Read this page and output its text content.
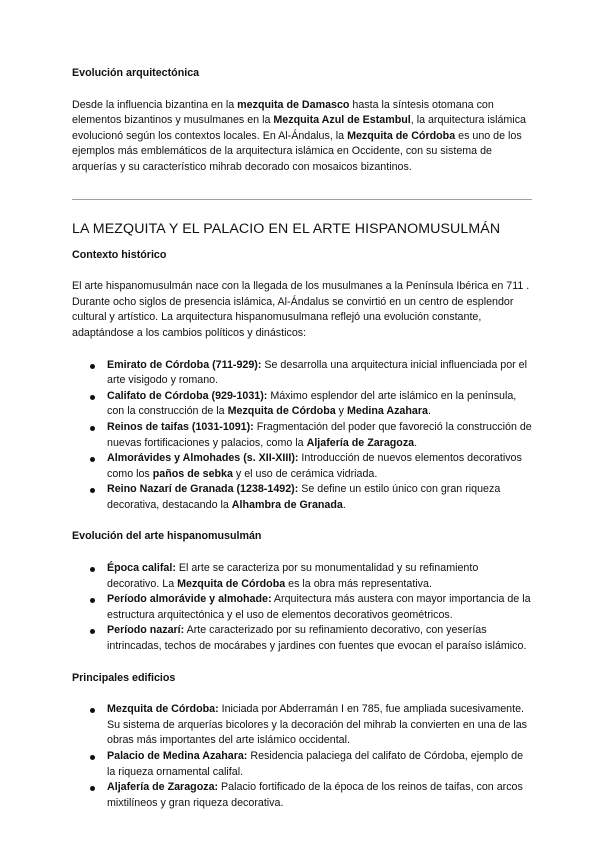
Evolución arquitectónica

Desde la influencia bizantina en la mezquita de Damasco hasta la síntesis otomana con elementos bizantinos y musulmanes en la Mezquita Azul de Estambul, la arquitectura islámica evolucionó según los contextos locales. En Al-Ándalus, la Mezquita de Córdoba es uno de los ejemplos más emblemáticos de la arquitectura islámica en Occidente, con su sistema de arquerías y su característico mihrab decorado con mosaicos bizantinos.

LA MEZQUITA Y EL PALACIO EN EL ARTE HISPANOMUSULMÁN
Contexto histórico

El arte hispanomusulmán nace con la llegada de los musulmanes a la Península Ibérica en 711 . Durante ocho siglos de presencia islámica, Al-Ándalus se convirtió en un centro de esplendor cultural y artístico. La arquitectura hispanomusulmana reflejó una evolución constante, adaptándose a los cambios políticos y dinásticos:

Emirato de Córdoba (711-929): Se desarrolla una arquitectura inicial influenciada por el arte visigodo y romano.
Califato de Córdoba (929-1031): Máximo esplendor del arte islámico en la península, con la construcción de la Mezquita de Córdoba y Medina Azahara.
Reinos de taifas (1031-1091): Fragmentación del poder que favoreció la construcción de nuevas fortificaciones y palacios, como la Aljafería de Zaragoza.
Almorávides y Almohades (s. XII-XIII): Introducción de nuevos elementos decorativos como los paños de sebka y el uso de cerámica vidriada.
Reino Nazarí de Granada (1238-1492): Se define un estilo único con gran riqueza decorativa, destacando la Alhambra de Granada.
Evolución del arte hispanomusulmán
Época califal: El arte se caracteriza por su monumentalidad y su refinamiento decorativo. La Mezquita de Córdoba es la obra más representativa.
Período almorávide y almohade: Arquitectura más austera con mayor importancia de la estructura arquitectónica y el uso de elementos decorativos geométricos.
Período nazarí: Arte caracterizado por su refinamiento decorativo, con yeserías intrincadas, techos de mocárabes y jardines con fuentes que evocan el paraíso islámico.
Principales edificios
Mezquita de Córdoba: Iniciada por Abderramán I en 785, fue ampliada sucesivamente. Su sistema de arquerías bicolores y la decoración del mihrab la convierten en una de las obras más importantes del arte islámico occidental.
Palacio de Medina Azahara: Residencia palaciega del califato de Córdoba, ejemplo de la riqueza ornamental califal.
Aljafería de Zaragoza: Palacio fortificado de la época de los reinos de taifas, con arcos mixtilíneos y gran riqueza decorativa.
